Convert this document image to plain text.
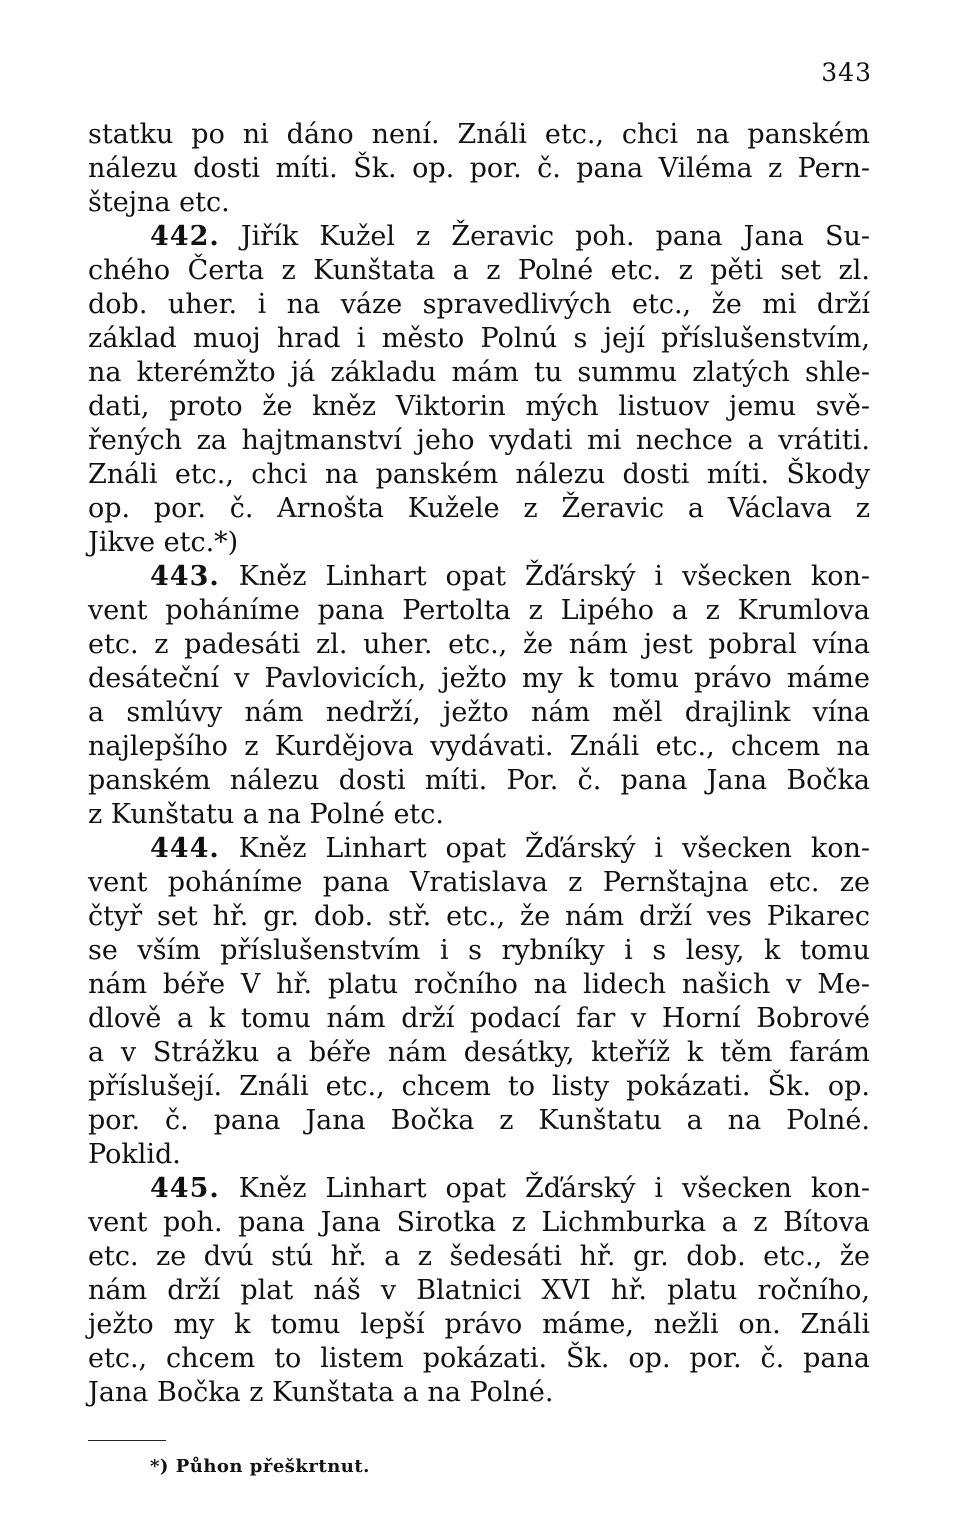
343
statku po ni dáno není. Ználi etc., chci na panském
nálezu dosti míti. Šk. op. por. č. pana Viléma z Pern-
štejna etc.
442. Jiřík Kužel z Žeravic poh. pana Jana Su-
chého Čerta z Kunštata a z Polné etc. z pěti set zl.
dob. uher. i na váze spravedlivých etc., že mi drží
základ muoj hrad i město Polnú s její příslušenstvím,
na kterémžto já základu mám tu summu zlatých shle-
dati, proto že kněz Viktorin mých listuov jemu svě-
řených za hajtmanství jeho vydati mi nechce a vrátiti.
Ználi etc., chci na panském nálezu dosti míti. Škody
op. por. č. Arnošta Kužele z Žeravic a Václava z
Jikve etc.*)
443. Kněz Linhart opat Žďárský i všecken kon-
vent poháníme pana Pertolta z Lipého a z Krumlova
etc. z padesáti zl. uher. etc., že nám jest pobral vína
desáteční v Pavlovicích, ježto my k tomu právo máme
a smlúvy nám nedrží, ježto nám měl drajlink vína
najlepšího z Kurdějova vydávati. Ználi etc., chcem na
panském nálezu dosti míti. Por. č. pana Jana Bočka
z Kunštatu a na Polné etc.
444. Kněz Linhart opat Žďárský i všecken kon-
vent poháníme pana Vratislava z Pernštajna etc. ze
čtyř set hř. gr. dob. stř. etc., že nám drží ves Pikarec
se vším příslušenstvím i s rybníky i s lesy, k tomu
nám béře V hř. platu ročního na lidech našich v Me-
dlově a k tomu nám drží podací far v Horní Bobrové
a v Strážku a béře nám desátky, kteříž k těm farám
příslušejí. Ználi etc., chcem to listy pokázati. Šk. op.
por. č. pana Jana Bočka z Kunštatu a na Polné.
Poklid.
445. Kněz Linhart opat Žďárský i všecken kon-
vent poh. pana Jana Sirotka z Lichmburka a z Bítova
etc. ze dvú stú hř. a z šedesáti hř. gr. dob. etc., že
nám drží plat náš v Blatnici XVI hř. platu ročního,
ježto my k tomu lepší právo máme, nežli on. Ználi
etc., chcem to listem pokázati. Šk. op. por. č. pana
Jana Bočka z Kunštata a na Polné.
*) Půhon přeškrtnut.
